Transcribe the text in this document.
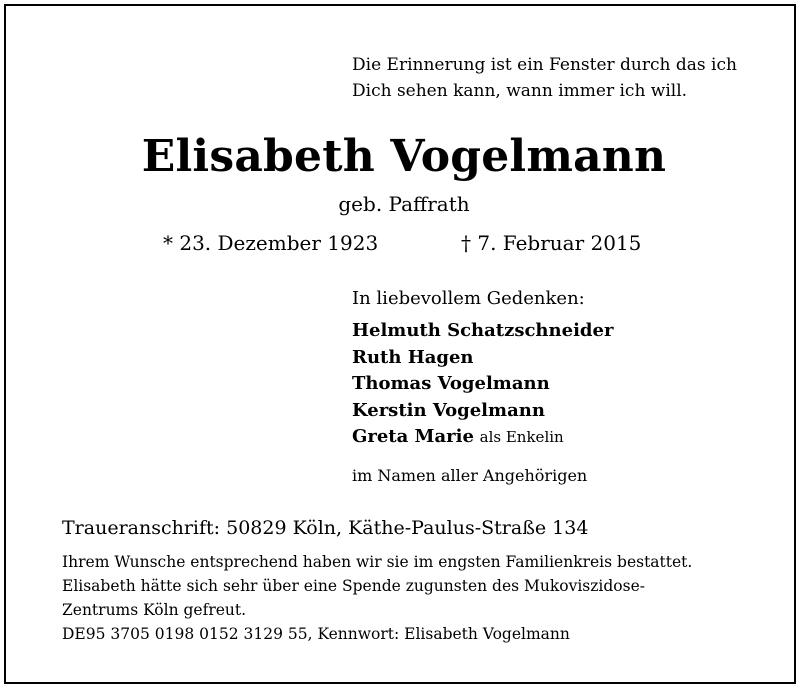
Die Erinnerung ist ein Fenster durch das ich
Dich sehen kann, wann immer ich will.
Elisabeth Vogelmann
geb. Paffrath
* 23. Dezember 1923	† 7. Februar 2015
In liebevollem Gedenken:
Helmuth Schatzschneider
Ruth Hagen
Thomas Vogelmann
Kerstin Vogelmann
Greta Marie als Enkelin
im Namen aller Angehörigen
Traueranschrift: 50829 Köln, Käthe-Paulus-Straße 134
Ihrem Wunsche entsprechend haben wir sie im engsten Familienkreis bestattet.
Elisabeth hätte sich sehr über eine Spende zugunsten des Mukoviszidose-
Zentrums Köln gefreut.
DE95 3705 0198 0152 3129 55, Kennwort: Elisabeth Vogelmann
